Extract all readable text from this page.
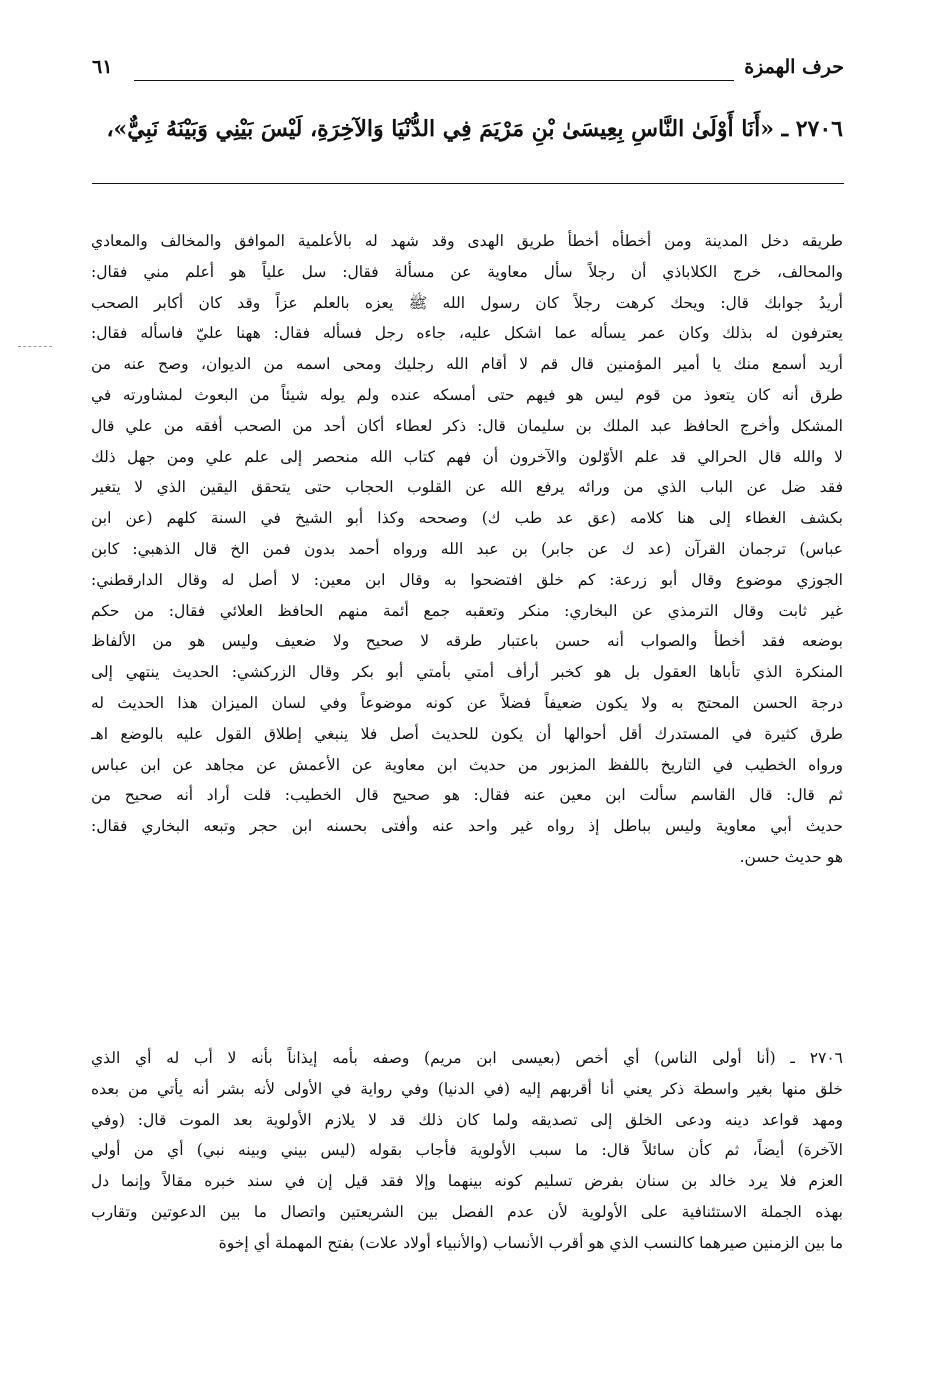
حرف الهمزة
٦١
٢٧٠٦ ـ «أَنَا أَوْلَىٰ النَّاسِ بِعِيسَىٰ بْنِ مَرْيَمَ فِي الدُّنْيَا وَالآخِرَةِ، لَيْسَ بَيْنِي وَبَيْنَهُ نَبِيٌّ»،
طريقه دخل المدينة ومن أخطأه أخطأ طريق الهدى وقد شهد له بالأعلمية الموافق والمخالف والمعادي
والمحالف، خرج الكلاباذي أن رجلاً سأل معاوية عن مسألة فقال: سل علياً هو أعلم مني فقال:
أريدُ جوابك قال: ويحك كرهت رجلاً كان رسول الله ﷺ يعزه بالعلم عزاً وقد كان أكابر الصحب
يعترفون له بذلك وكان عمر يسأله عما اشكل عليه، جاءه رجل فسأله فقال: ههنا عليّ فاسأله فقال:
أريد أسمع منك يا أمير المؤمنين قال قم لا أقام الله رجليك ومحى اسمه من الديوان، وصح عنه من
طرق أنه كان يتعوذ من قوم ليس هو فيهم حتى أمسكه عنده ولم يوله شيئاً من البعوث لمشاورته في
المشكل وأخرج الحافظ عبد الملك بن سليمان قال: ذكر لعطاء أكان أحد من الصحب أفقه من علي قال
لا والله قال الحرالي قد علم الأوّلون والآخرون أن فهم كتاب الله منحصر إلى علم علي ومن جهل ذلك
فقد ضل عن الباب الذي من ورائه يرفع الله عن القلوب الحجاب حتى يتحقق اليقين الذي لا يتغير
بكشف الغطاء إلى هنا كلامه (عق عد طب ك) وصححه وكذا أبو الشيخ في السنة كلهم (عن ابن
عباس) ترجمان القرآن (عد ك عن جابر) بن عبد الله ورواه أحمد بدون فمن الخ قال الذهبي: كابن
الجوزي موضوع وقال أبو زرعة: كم خلق افتضحوا به وقال ابن معين: لا أصل له وقال الدارقطني:
غير ثابت وقال الترمذي عن البخاري: منكر وتعقبه جمع أئمة منهم الحافظ العلائي فقال: من حكم
بوضعه فقد أخطأ والصواب أنه حسن باعتبار طرقه لا صحيح ولا ضعيف وليس هو من الألفاظ
المنكرة الذي تأباها العقول بل هو كخبر أرأف أمتي بأمتي أبو بكر وقال الزركشي: الحديث ينتهي إلى
درجة الحسن المحتج به ولا يكون ضعيفاً فضلاً عن كونه موضوعاً وفي لسان الميزان هذا الحديث له
طرق كثيرة في المستدرك أقل أحوالها أن يكون للحديث أصل فلا ينبغي إطلاق القول عليه بالوضع اهـ
ورواه الخطيب في التاريخ باللفظ المزبور من حديث ابن معاوية عن الأعمش عن مجاهد عن ابن عباس
ثم قال: قال القاسم سألت ابن معين عنه فقال: هو صحيح قال الخطيب: قلت أراد أنه صحيح من
حديث أبي معاوية وليس بباطل إذ رواه غير واحد عنه وأفتى بحسنه ابن حجر وتبعه البخاري فقال:
هو حديث حسن.
٢٧٠٦ ـ (أنا أولى الناس) أي أخص (بعيسى ابن مريم) وصفه بأمه إيذاناً بأنه لا أب له أي الذي
خلق منها بغير واسطة ذكر يعني أنا أقربهم إليه (في الدنيا) وفي رواية في الأولى لأنه بشر أنه يأتي من بعده
ومهد قواعد دينه ودعى الخلق إلى تصديقه ولما كان ذلك قد لا يلازم الأولوية بعد الموت قال: (وفي
الآخرة) أيضاً، ثم كأن سائلاً قال: ما سبب الأولوية فأجاب بقوله (ليس بيني وبينه نبي) أي من أولي
العزم فلا يرد خالد بن سنان بفرض تسليم كونه بينهما وإلا فقد قيل إن في سند خبره مقالاً وإنما دل
بهذه الجملة الاستئنافية على الأولوية لأن عدم الفصل بين الشريعتين واتصال ما بين الدعوتين وتقارب
ما بين الزمنين صيرهما كالنسب الذي هو أقرب الأنساب (والأنبياء أولاد علات) بفتح المهملة أي إخوة
